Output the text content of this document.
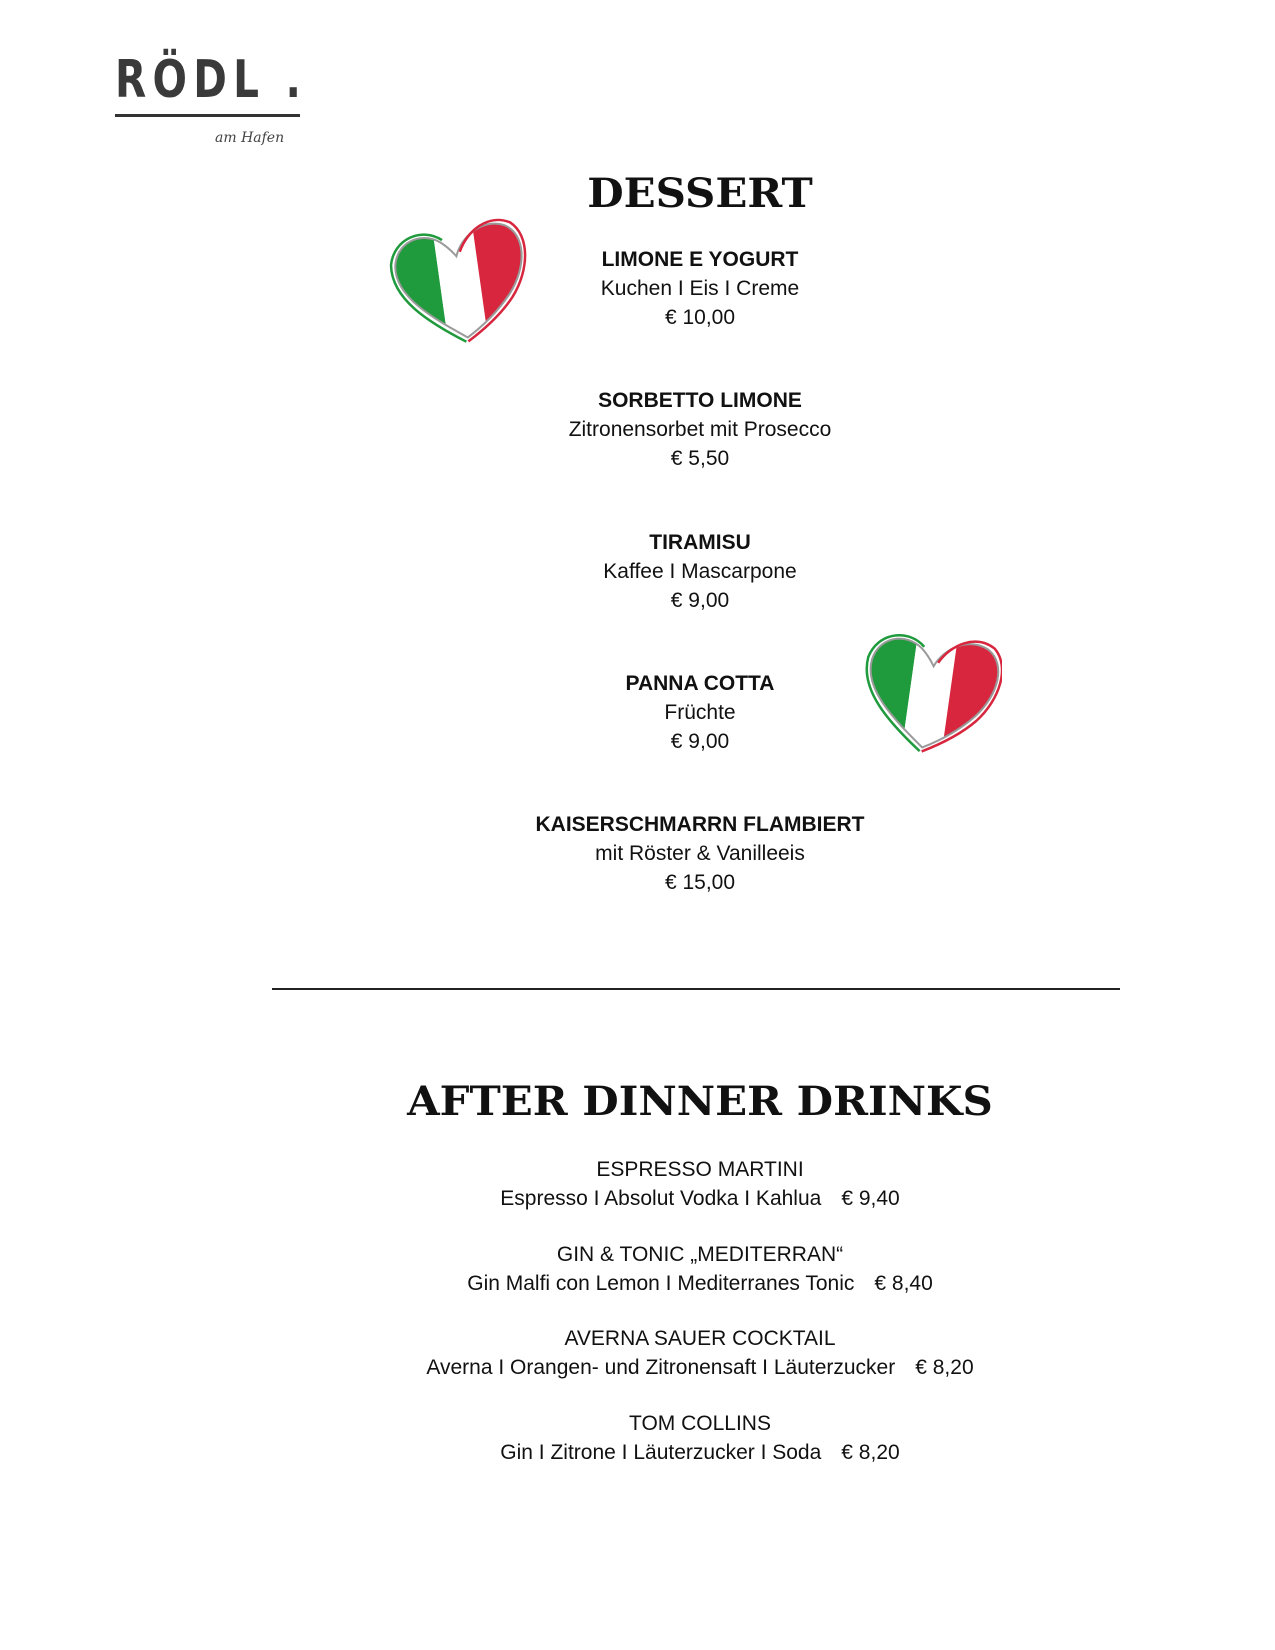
RÖDL .
am Hafen
DESSERT
LIMONE E YOGURT
Kuchen I Eis I Creme
€ 10,00
SORBETTO LIMONE
Zitronensorbet mit Prosecco
€ 5,50
TIRAMISU
Kaffee I Mascarpone
€ 9,00
PANNA COTTA
Früchte
€ 9,00
KAISERSCHMARRN FLAMBIERT
mit Röster & Vanilleeis
€ 15,00
AFTER DINNER DRINKS
ESPRESSO MARTINI
Espresso I Absolut Vodka I Kahlua € 9,40
GIN & TONIC „MEDITERRAN“
Gin Malfi con Lemon I Mediterranes Tonic € 8,40
AVERNA SAUER COCKTAIL
Averna I Orangen- und Zitronensaft I Läuterzucker € 8,20
TOM COLLINS
Gin I Zitrone I Läuterzucker I Soda € 8,20
